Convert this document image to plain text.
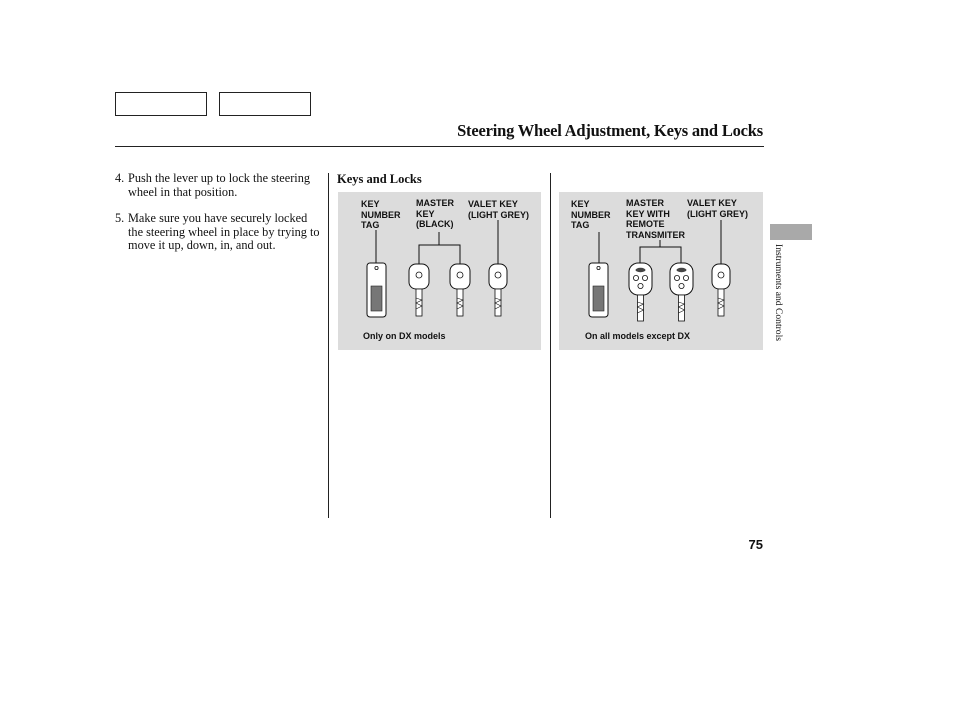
Steering Wheel Adjustment, Keys and Locks
4. Push the lever up to lock the steering wheel in that position.
5. Make sure you have securely locked the steering wheel in place by trying to move it up, down, in, and out.
Keys and Locks
KEY
NUMBER
TAG
MASTER
KEY
(BLACK)
VALET KEY
(LIGHT GREY)
Only on DX models
KEY
NUMBER
TAG
MASTER
KEY WITH
REMOTE
TRANSMITER
VALET KEY
(LIGHT GREY)
On all models except DX	Instruments and Controls
75
